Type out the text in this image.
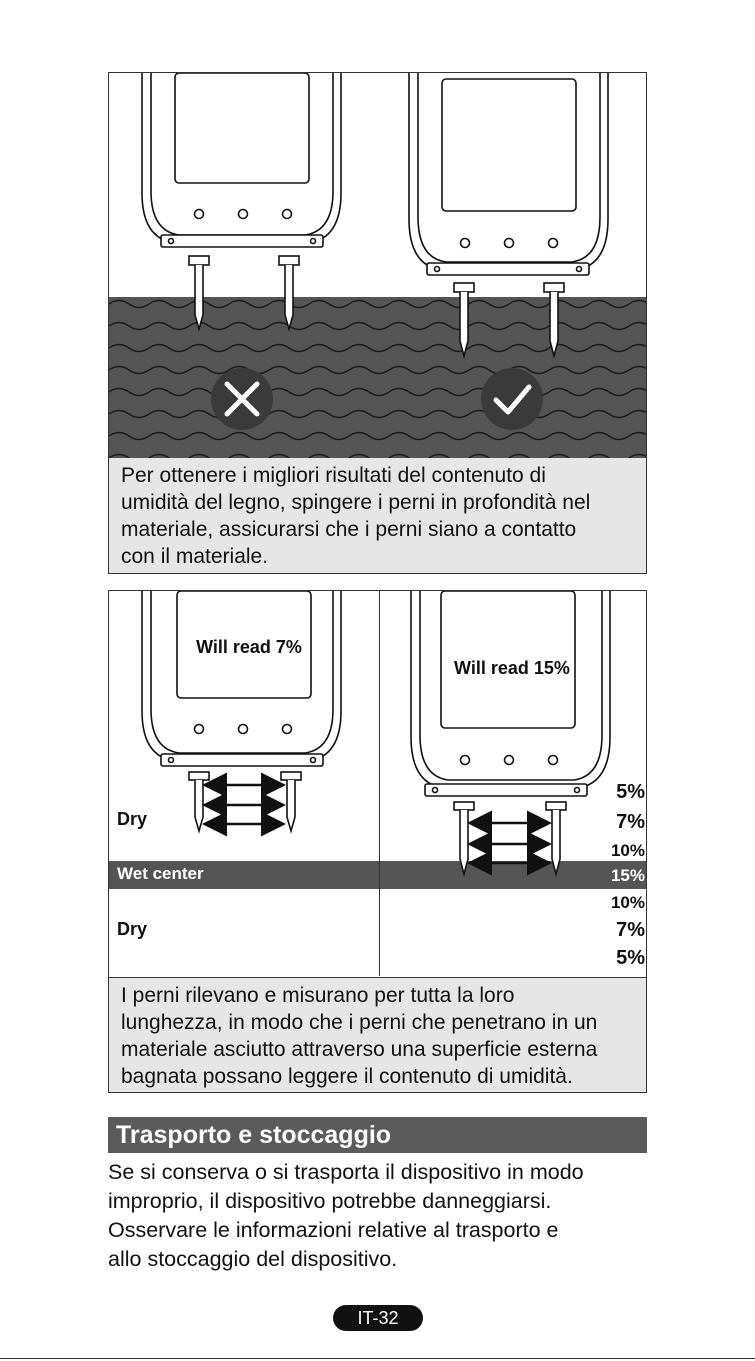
Per ottenere i migliori risultati del contenuto di

umidità del legno, spingere i perni in profondità nel

materiale, assicurarsi che i perni siano a contatto

con il materiale.

Will read 7%
Will read 15%
Dry
Wet center
Dry
5%
7%
10%
15%
10%
7%
5%

I perni rilevano e misurano per tutta la loro

lunghezza, in modo che i perni che penetrano in un

materiale asciutto attraverso una superficie esterna

bagnata possano leggere il contenuto di umidità.

Trasporto e stoccaggio

Se si conserva o si trasporta il dispositivo in modo

improprio, il dispositivo potrebbe danneggiarsi.

Osservare le informazioni relative al trasporto e

allo stoccaggio del dispositivo.

IT-32
